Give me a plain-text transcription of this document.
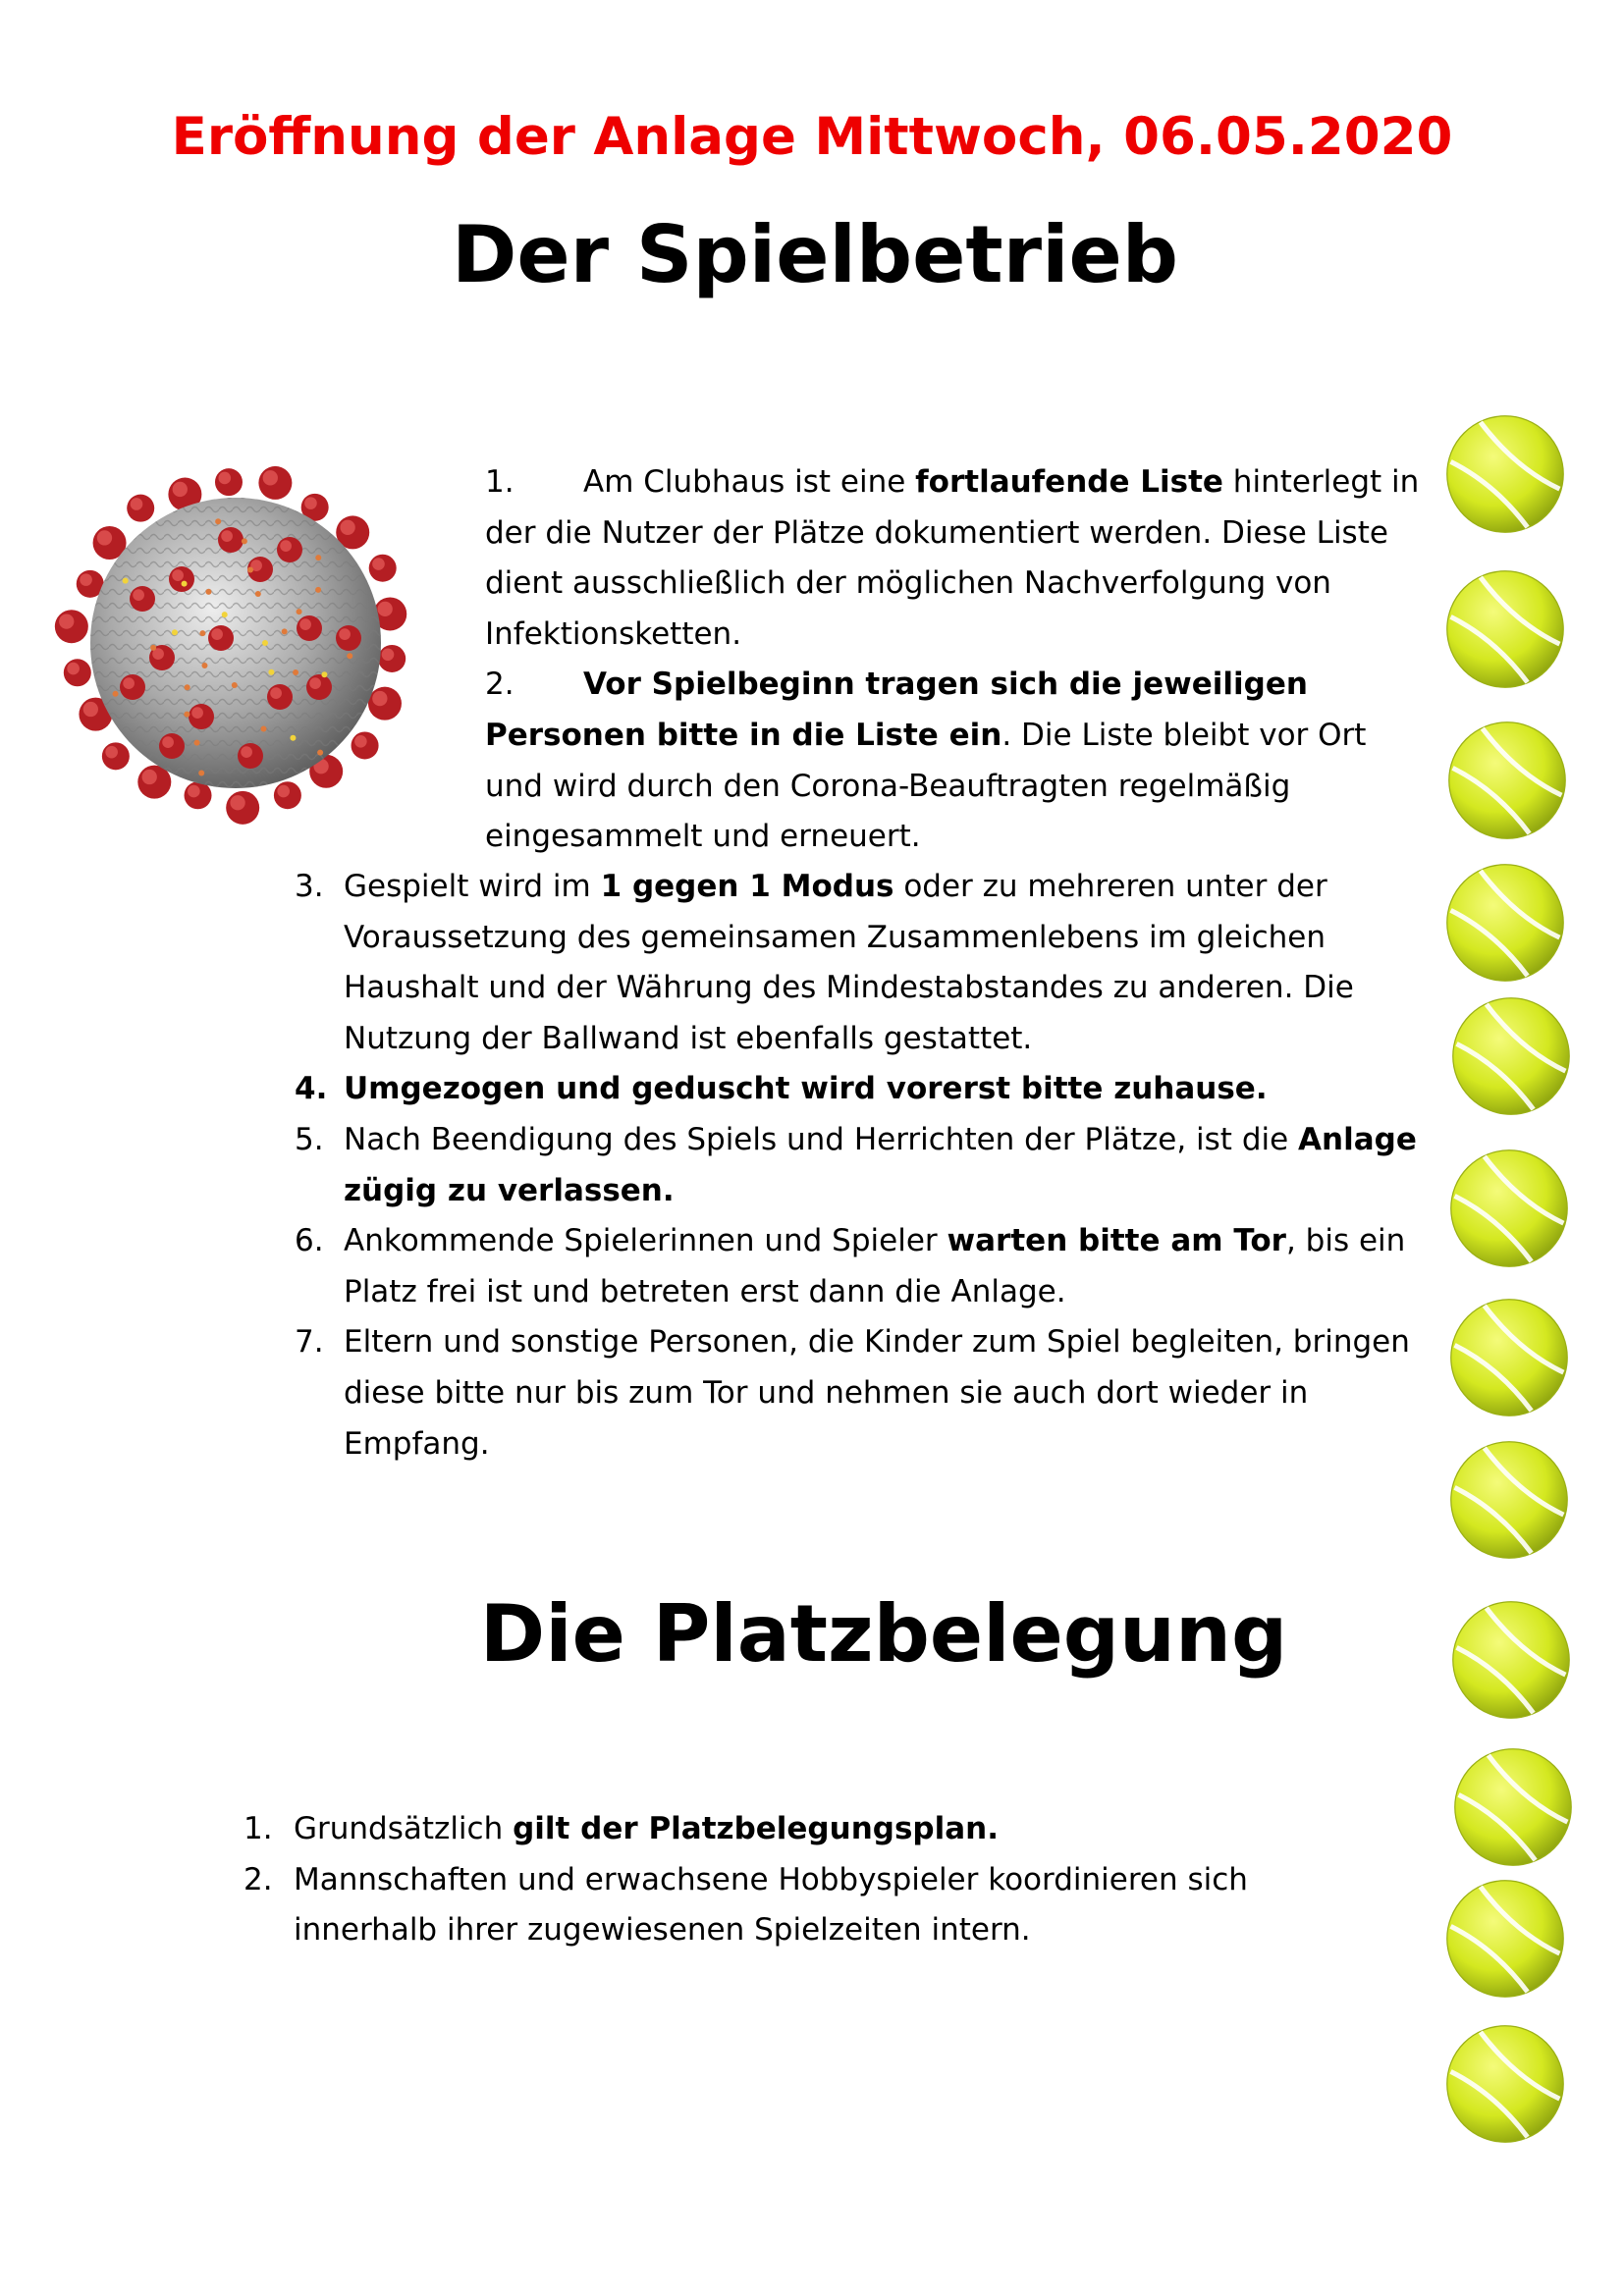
Eröffnung der Anlage Mittwoch, 06.05.2020
Der Spielbetrieb
1. Am Clubhaus ist eine fortlaufende Liste hinterlegt in der die Nutzer der Plätze dokumentiert werden. Diese Liste dient ausschließlich der möglichen Nachverfolgung von Infektionsketten.
2. Vor Spielbeginn tragen sich die jeweiligen Personen bitte in die Liste ein. Die Liste bleibt vor Ort und wird durch den Corona-Beauftragten regelmäßig eingesammelt und erneuert.
3. Gespielt wird im 1 gegen 1 Modus oder zu mehreren unter der Voraussetzung des gemeinsamen Zusammenlebens im gleichen Haushalt und der Währung des Mindestabstandes zu anderen. Die Nutzung der Ballwand ist ebenfalls gestattet.
4. Umgezogen und geduscht wird vorerst bitte zuhause.
5. Nach Beendigung des Spiels und Herrichten der Plätze, ist die Anlage zügig zu verlassen.
6. Ankommende Spielerinnen und Spieler warten bitte am Tor, bis ein Platz frei ist und betreten erst dann die Anlage.
7. Eltern und sonstige Personen, die Kinder zum Spiel begleiten, bringen diese bitte nur bis zum Tor und nehmen sie auch dort wieder in Empfang.
Die Platzbelegung
1. Grundsätzlich gilt der Platzbelegungsplan.
2. Mannschaften und erwachsene Hobbyspieler koordinieren sich innerhalb ihrer zugewiesenen Spielzeiten intern.
